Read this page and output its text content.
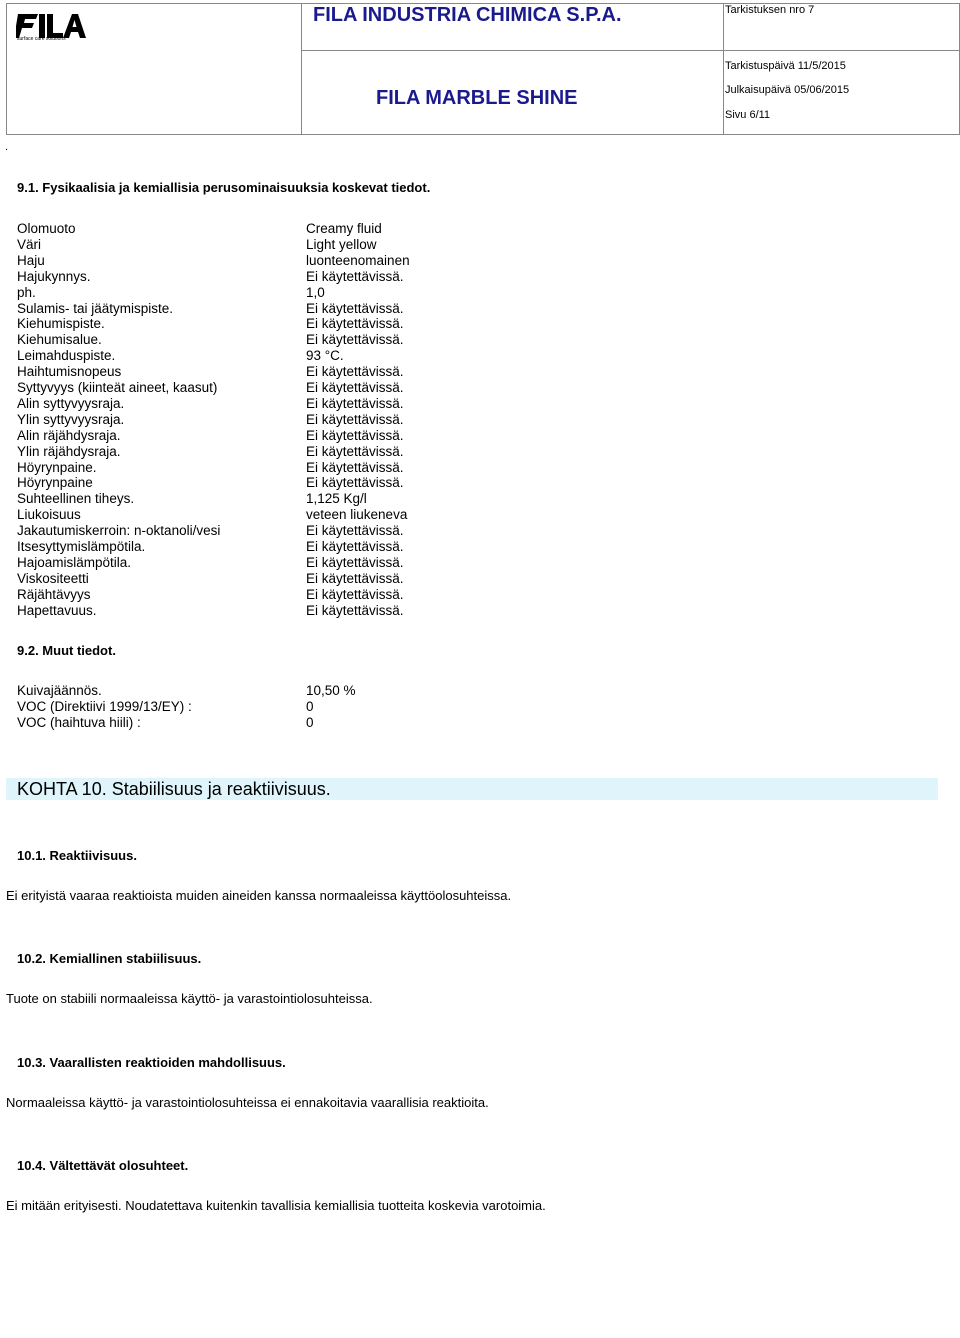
surface care solutions
FILA INDUSTRIA CHIMICA S.P.A.
FILA MARBLE SHINE
Tarkistuksen nro 7
Tarkistuspäivä 11/5/2015
Julkaisupäivä 05/06/2015
Sivu 6/11
.
9.1. Fysikaalisia ja kemiallisia perusominaisuuksia koskevat tiedot.
Olomuoto	Creamy fluid
Väri	Light yellow
Haju	luonteenomainen
Hajukynnys.	Ei käytettävissä.
ph.	1,0
Sulamis- tai jäätymispiste.	Ei käytettävissä.
Kiehumispiste.	Ei käytettävissä.
Kiehumisalue.	Ei käytettävissä.
Leimahduspiste.	93 °C.
Haihtumisnopeus	Ei käytettävissä.
Syttyvyys (kiinteät aineet, kaasut)	Ei käytettävissä.
Alin syttyvyysraja.	Ei käytettävissä.
Ylin syttyvyysraja.	Ei käytettävissä.
Alin räjähdysraja.	Ei käytettävissä.
Ylin räjähdysraja.	Ei käytettävissä.
Höyrynpaine.	Ei käytettävissä.
Höyrynpaine	Ei käytettävissä.
Suhteellinen tiheys.	1,125 Kg/l
Liukoisuus	veteen liukeneva
Jakautumiskerroin: n-oktanoli/vesi	Ei käytettävissä.
Itsesyttymislämpötila.	Ei käytettävissä.
Hajoamislämpötila.	Ei käytettävissä.
Viskositeetti	Ei käytettävissä.
Räjähtävyys	Ei käytettävissä.
Hapettavuus.	Ei käytettävissä.
9.2. Muut tiedot.
Kuivajäännös.	10,50 %
VOC (Direktiivi 1999/13/EY) :	0
VOC (haihtuva hiili) :	0
KOHTA 10. Stabiilisuus ja reaktiivisuus.
10.1. Reaktiivisuus.
Ei erityistä vaaraa reaktioista muiden aineiden kanssa normaaleissa käyttöolosuhteissa.
10.2. Kemiallinen stabiilisuus.
Tuote on stabiili normaaleissa käyttö- ja varastointiolosuhteissa.
10.3. Vaarallisten reaktioiden mahdollisuus.
Normaaleissa käyttö- ja varastointiolosuhteissa ei ennakoitavia vaarallisia reaktioita.
10.4. Vältettävät olosuhteet.
Ei mitään erityisesti. Noudatettava kuitenkin tavallisia kemiallisia tuotteita koskevia varotoimia.
